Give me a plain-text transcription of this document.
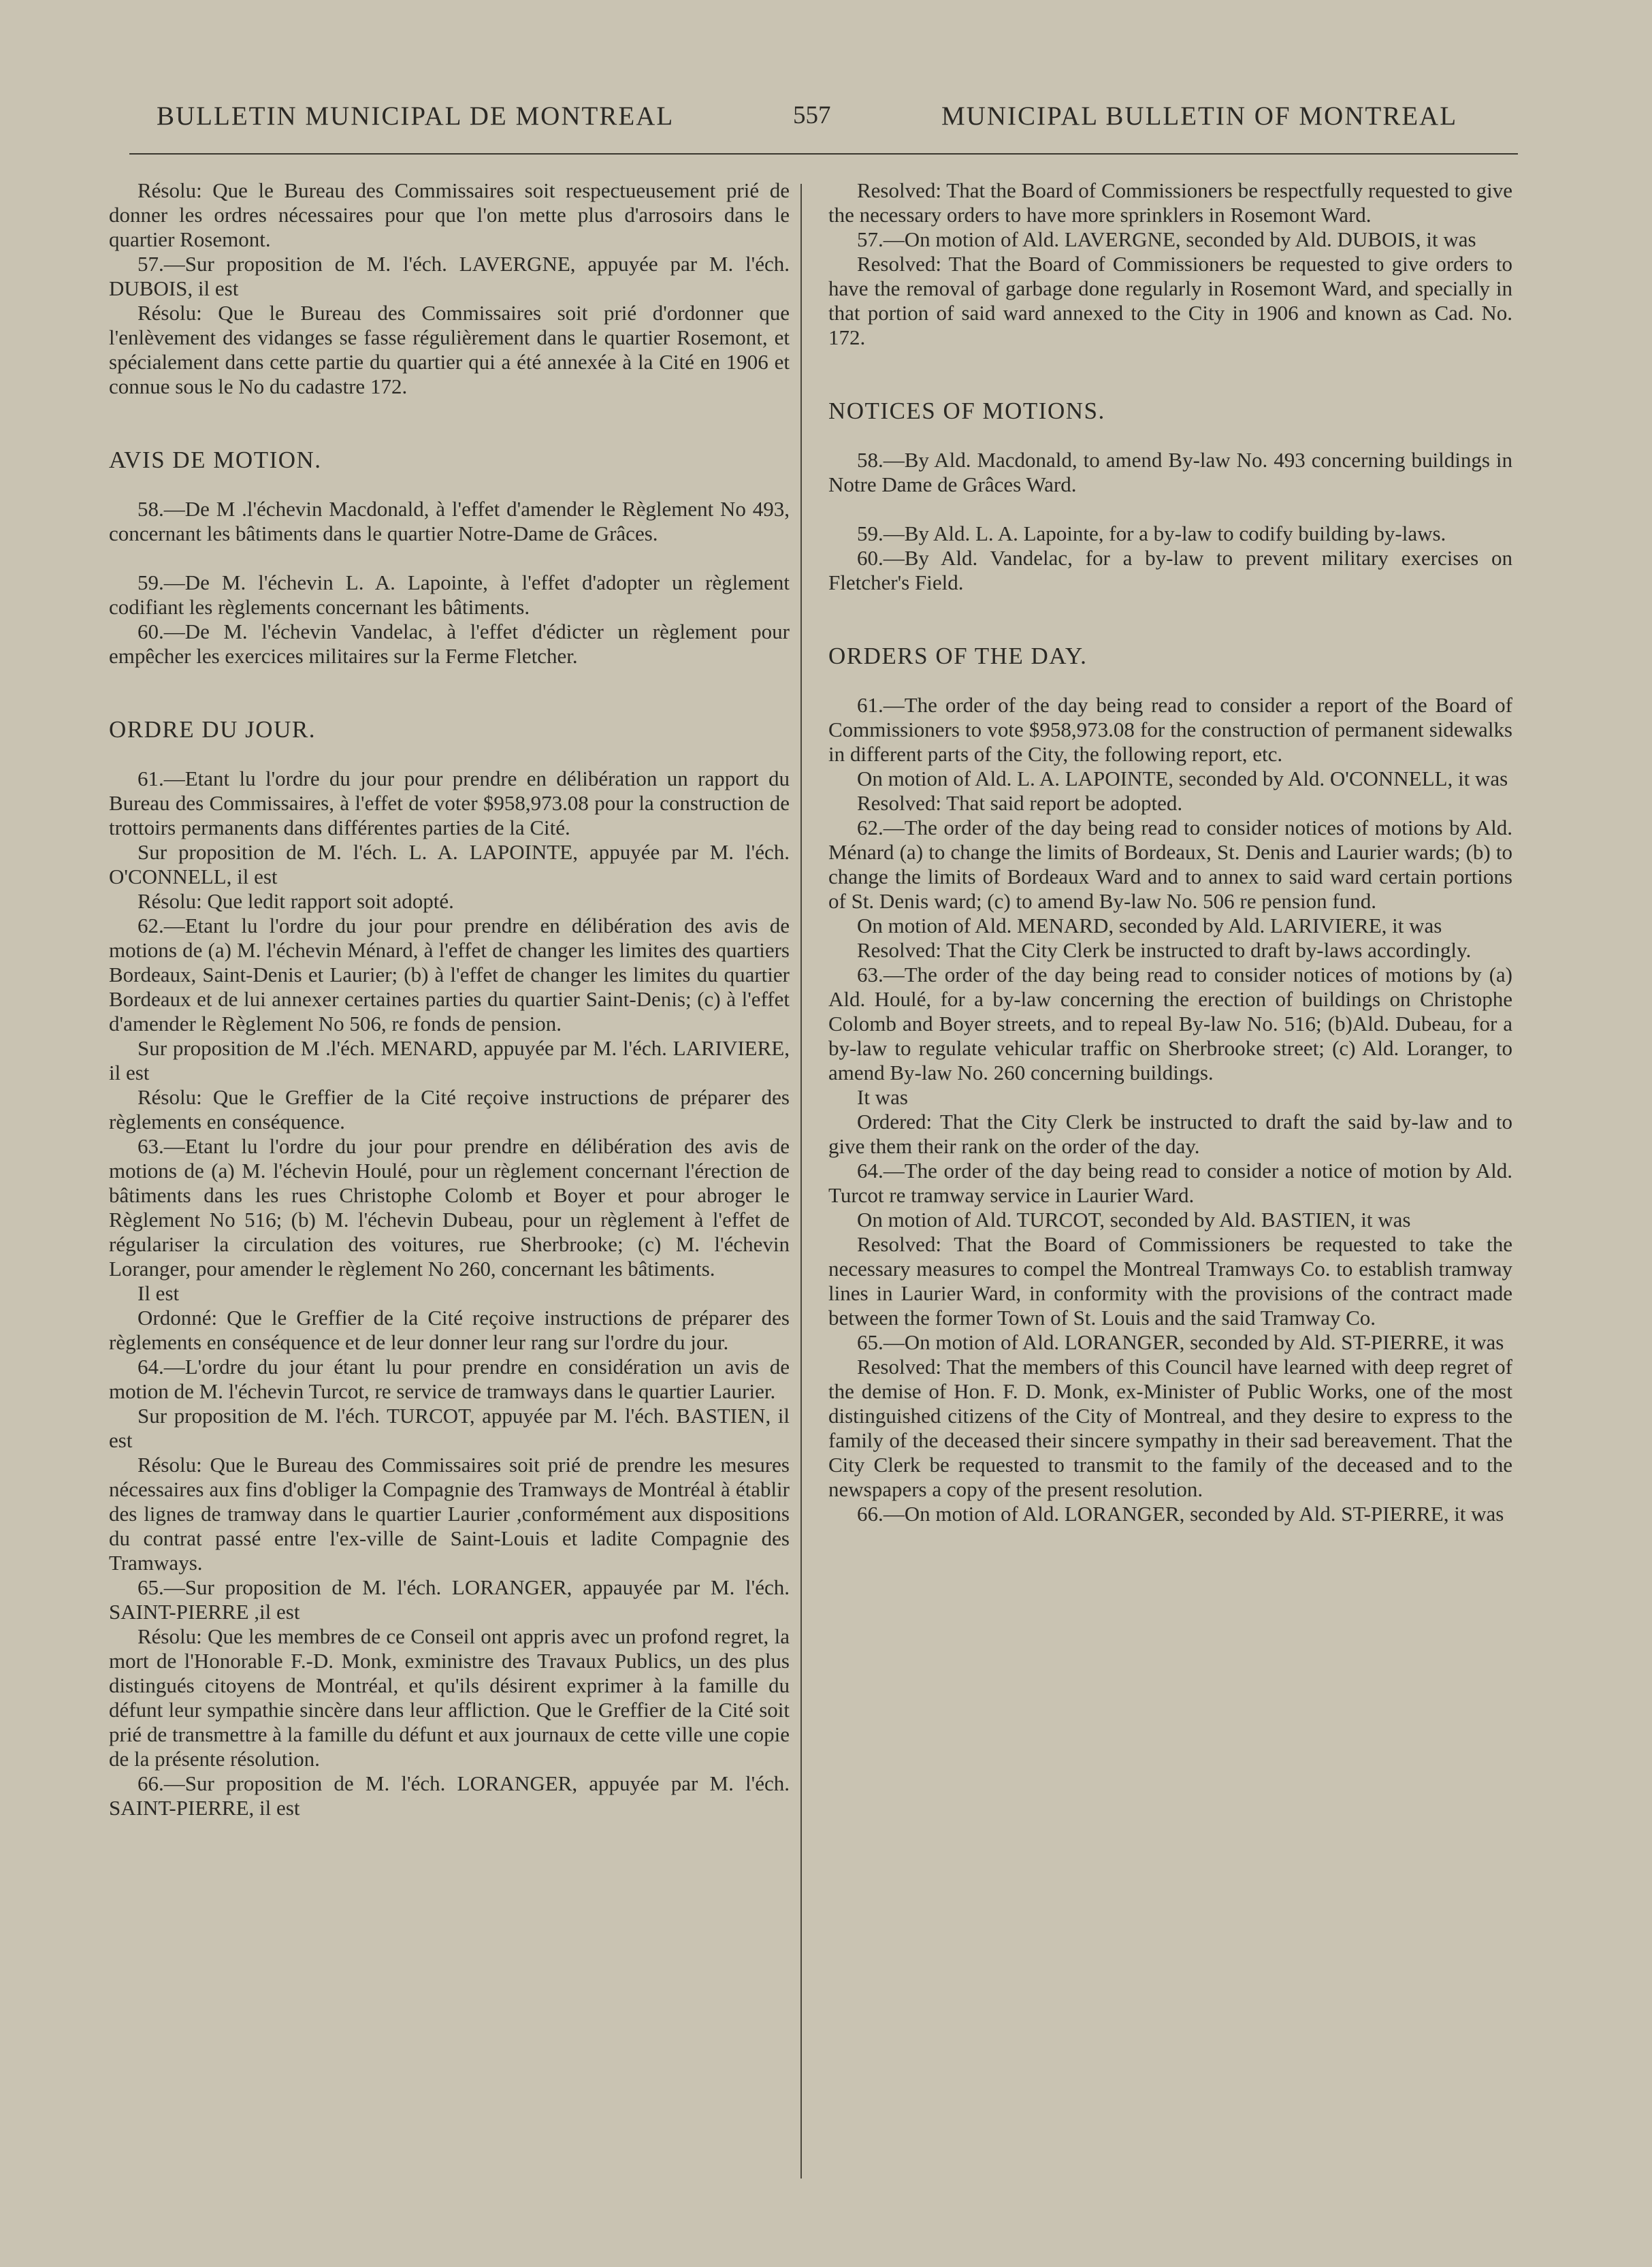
BULLETIN MUNICIPAL DE MONTREAL	557	MUNICIPAL BULLETIN OF MONTREAL

Résolu: Que le Bureau des Commissaires soit respectueusement prié de donner les ordres nécessaires pour que l'on mette plus d'arrosoirs dans le quartier Rosemont.

57.—Sur proposition de M. l'éch. LAVERGNE, appuyée par M. l'éch. DUBOIS, il est

Résolu: Que le Bureau des Commissaires soit prié d'ordonner que l'enlèvement des vidanges se fasse régulièrement dans le quartier Rosemont, et spécialement dans cette partie du quartier qui a été annexée à la Cité en 1906 et connue sous le No du cadastre 172.

AVIS DE MOTION.

58.—De M .l'échevin Macdonald, à l'effet d'amender le Règlement No 493, concernant les bâtiments dans le quartier Notre-Dame de Grâces.

59.—De M. l'échevin L. A. Lapointe, à l'effet d'adopter un règlement codifiant les règlements concernant les bâtiments.

60.—De M. l'échevin Vandelac, à l'effet d'édicter un règlement pour empêcher les exercices militaires sur la Ferme Fletcher.

ORDRE DU JOUR.

61.—Etant lu l'ordre du jour pour prendre en délibération un rapport du Bureau des Commissaires, à l'effet de voter $958,973.08 pour la construction de trottoirs permanents dans différentes parties de la Cité.

Sur proposition de M. l'éch. L. A. LAPOINTE, appuyée par M. l'éch. O'CONNELL, il est

Résolu: Que ledit rapport soit adopté.

62.—Etant lu l'ordre du jour pour prendre en délibération des avis de motions de (a) M. l'échevin Ménard, à l'effet de changer les limites des quartiers Bordeaux, Saint-Denis et Laurier; (b) à l'effet de changer les limites du quartier Bordeaux et de lui annexer certaines parties du quartier Saint-Denis; (c) à l'effet d'amender le Règlement No 506, re fonds de pension.

Sur proposition de M .l'éch. MENARD, appuyée par M. l'éch. LARIVIERE, il est

Résolu: Que le Greffier de la Cité reçoive instructions de préparer des règlements en conséquence.

63.—Etant lu l'ordre du jour pour prendre en délibération des avis de motions de (a) M. l'échevin Houlé, pour un règlement concernant l'érection de bâtiments dans les rues Christophe Colomb et Boyer et pour abroger le Règlement No 516; (b) M. l'échevin Dubeau, pour un règlement à l'effet de régulariser la circulation des voitures, rue Sherbrooke; (c) M. l'échevin Loranger, pour amender le règlement No 260, concernant les bâtiments.

Il est

Ordonné: Que le Greffier de la Cité reçoive instructions de préparer des règlements en conséquence et de leur donner leur rang sur l'ordre du jour.

64.—L'ordre du jour étant lu pour prendre en considération un avis de motion de M. l'échevin Turcot, re service de tramways dans le quartier Laurier.

Sur proposition de M. l'éch. TURCOT, appuyée par M. l'éch. BASTIEN, il est

Résolu: Que le Bureau des Commissaires soit prié de prendre les mesures nécessaires aux fins d'obliger la Compagnie des Tramways de Montréal à établir des lignes de tramway dans le quartier Laurier ,conformément aux dispositions du contrat passé entre l'ex-ville de Saint-Louis et ladite Compagnie des Tramways.

65.—Sur proposition de M. l'éch. LORANGER, appauyée par M. l'éch. SAINT-PIERRE ,il est

Résolu: Que les membres de ce Conseil ont appris avec un profond regret, la mort de l'Honorable F.-D. Monk, exministre des Travaux Publics, un des plus distingués citoyens de Montréal, et qu'ils désirent exprimer à la famille du défunt leur sympathie sincère dans leur affliction. Que le Greffier de la Cité soit prié de transmettre à la famille du défunt et aux journaux de cette ville une copie de la présente résolution.

66.—Sur proposition de M. l'éch. LORANGER, appuyée par M. l'éch. SAINT-PIERRE, il est

Resolved: That the Board of Commissioners be respectfully requested to give the necessary orders to have more sprinklers in Rosemont Ward.

57.—On motion of Ald. LAVERGNE, seconded by Ald. DUBOIS, it was

Resolved: That the Board of Commissioners be requested to give orders to have the removal of garbage done regularly in Rosemont Ward, and specially in that portion of said ward annexed to the City in 1906 and known as Cad. No. 172.

NOTICES OF MOTIONS.

58.—By Ald. Macdonald, to amend By-law No. 493 concerning buildings in Notre Dame de Grâces Ward.

59.—By Ald. L. A. Lapointe, for a by-law to codify building by-laws.

60.—By Ald. Vandelac, for a by-law to prevent military exercises on Fletcher's Field.

ORDERS OF THE DAY.

61.—The order of the day being read to consider a report of the Board of Commissioners to vote $958,973.08 for the construction of permanent sidewalks in different parts of the City, the following report, etc.

On motion of Ald. L. A. LAPOINTE, seconded by Ald. O'CONNELL, it was

Resolved: That said report be adopted.

62.—The order of the day being read to consider notices of motions by Ald. Ménard (a) to change the limits of Bordeaux, St. Denis and Laurier wards; (b) to change the limits of Bordeaux Ward and to annex to said ward certain portions of St. Denis ward; (c) to amend By-law No. 506 re pension fund.

On motion of Ald. MENARD, seconded by Ald. LARIVIERE, it was

Resolved: That the City Clerk be instructed to draft by-laws accordingly.

63.—The order of the day being read to consider notices of motions by (a) Ald. Houlé, for a by-law concerning the erection of buildings on Christophe Colomb and Boyer streets, and to repeal By-law No. 516; (b)Ald. Dubeau, for a by-law to regulate vehicular traffic on Sherbrooke street; (c) Ald. Loranger, to amend By-law No. 260 concerning buildings.

It was

Ordered: That the City Clerk be instructed to draft the said by-law and to give them their rank on the order of the day.

64.—The order of the day being read to consider a notice of motion by Ald. Turcot re tramway service in Laurier Ward.

On motion of Ald. TURCOT, seconded by Ald. BASTIEN, it was

Resolved: That the Board of Commissioners be requested to take the necessary measures to compel the Montreal Tramways Co. to establish tramway lines in Laurier Ward, in conformity with the provisions of the contract made between the former Town of St. Louis and the said Tramway Co.

65.—On motion of Ald. LORANGER, seconded by Ald. ST-PIERRE, it was

Resolved: That the members of this Council have learned with deep regret of the demise of Hon. F. D. Monk, ex-Minister of Public Works, one of the most distinguished citizens of the City of Montreal, and they desire to express to the family of the deceased their sincere sympathy in their sad bereavement. That the City Clerk be requested to transmit to the family of the deceased and to the newspapers a copy of the present resolution.

66.—On motion of Ald. LORANGER, seconded by Ald. ST-PIERRE, it was
